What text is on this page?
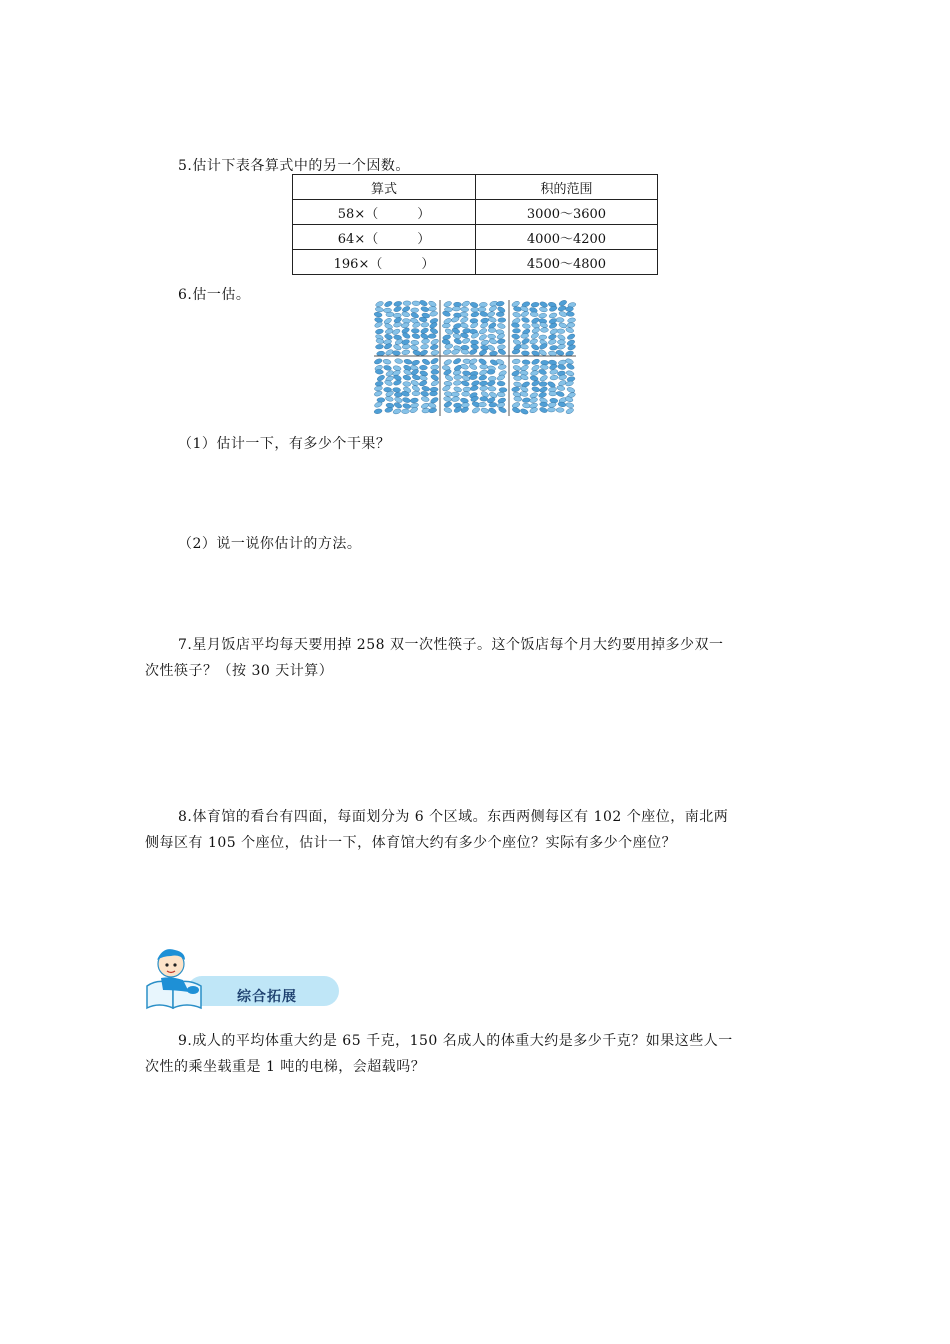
5.估计下表各算式中的另一个因数。
算式	积的范围
58×（　　　）	3000～3600
64×（　　　）	4000～4200
196×（　　　）	4500～4800
6.估一估。
（1）估计一下，有多少个干果？
（2）说一说你估计的方法。
7.星月饭店平均每天要用掉 258 双一次性筷子。这个饭店每个月大约要用掉多少双一
次性筷子？（按 30 天计算）
8.体育馆的看台有四面，每面划分为 6 个区域。东西两侧每区有 102 个座位，南北两
侧每区有 105 个座位，估计一下，体育馆大约有多少个座位？实际有多少个座位？
综合拓展
9.成人的平均体重大约是 65 千克，150 名成人的体重大约是多少千克？如果这些人一
次性的乘坐载重是 1 吨的电梯，会超载吗？
